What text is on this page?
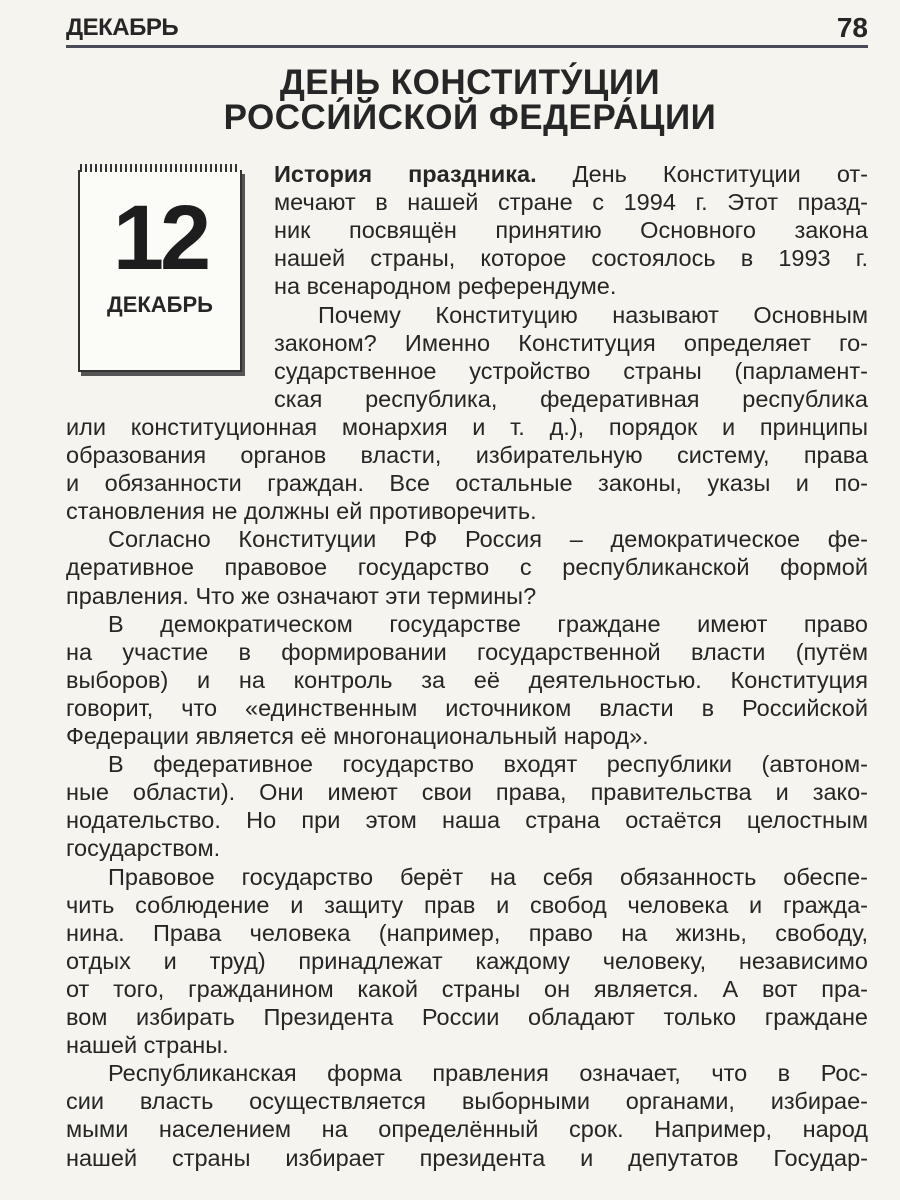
ДЕКАБРЬ	78
ДЕНЬ КОНСТИТУ́ЦИИ
РОССИ́ЙСКОЙ ФЕДЕРА́ЦИИ
12
ДЕКАБРЬ
История праздника. День Конституции от-
мечают в нашей стране с 1994 г. Этот празд-
ник посвящён принятию Основного закона
нашей страны, которое состоялось в 1993 г.
на всенародном референдуме.
Почему Конституцию называют Основным
законом? Именно Конституция определяет го-
сударственное устройство страны (парламент-
ская республика, федеративная республика
или конституционная монархия и т. д.), порядок и принципы
образования органов власти, избирательную систему, права
и обязанности граждан. Все остальные законы, указы и по-
становления не должны ей противоречить.
Согласно Конституции РФ Россия – демократическое фе-
деративное правовое государство с республиканской формой
правления. Что же означают эти термины?
В демократическом государстве граждане имеют право
на участие в формировании государственной власти (путём
выборов) и на контроль за её деятельностью. Конституция
говорит, что «единственным источником власти в Российской
Федерации является её многонациональный народ».
В федеративное государство входят республики (автоном-
ные области). Они имеют свои права, правительства и зако-
нодательство. Но при этом наша страна остаётся целостным
государством.
Правовое государство берёт на себя обязанность обеспе-
чить соблюдение и защиту прав и свобод человека и гражда-
нина. Права человека (например, право на жизнь, свободу,
отдых и труд) принадлежат каждому человеку, независимо
от того, гражданином какой страны он является. А вот пра-
вом избирать Президента России обладают только граждане
нашей страны.
Республиканская форма правления означает, что в Рос-
сии власть осуществляется выборными органами, избирае-
мыми населением на определённый срок. Например, народ
нашей страны избирает президента и депутатов Государ-
